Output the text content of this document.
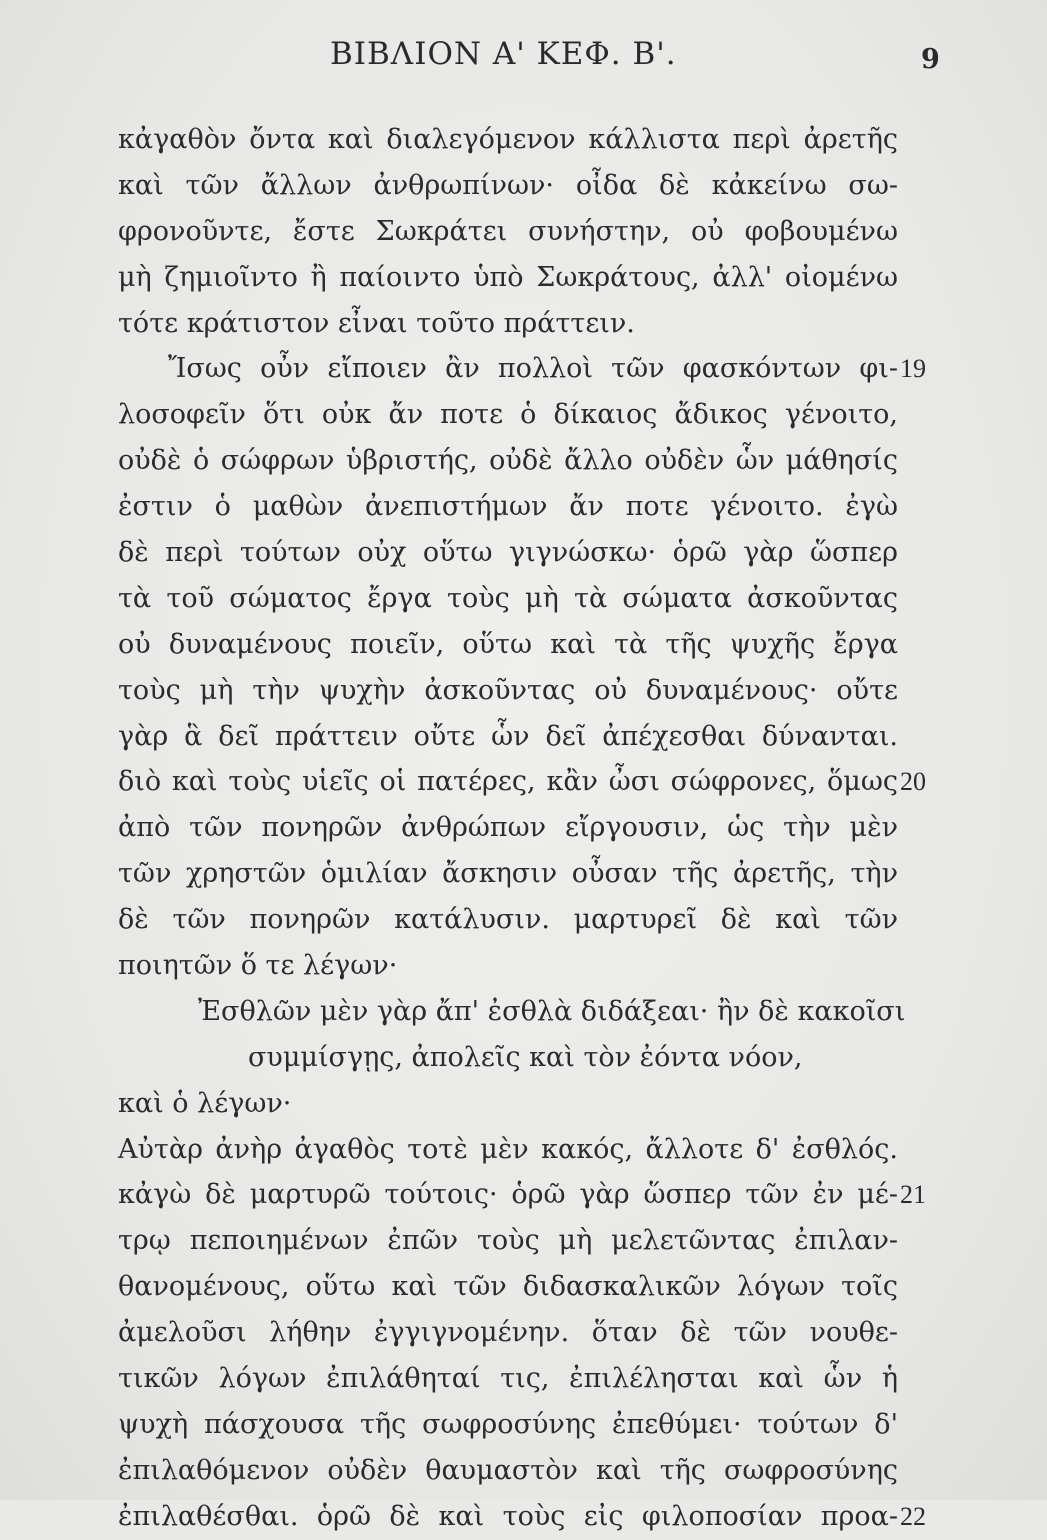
ΒΙΒΛΙΟΝ Α' ΚΕΦ. Β'.	9
κἀγαθὸν ὄντα καὶ διαλεγόμενον κάλλιστα περὶ ἀρετῆς
καὶ τῶν ἄλλων ἀνθρωπίνων· οἶδα δὲ κἀκείνω σω-
φρονοῦντε, ἔστε Σωκράτει συνήστην, οὐ φοβουμένω
μὴ ζημιοῖντο ἢ παίοιντο ὑπὸ Σωκράτους, ἀλλ' οἰομένω
τότε κράτιστον εἶναι τοῦτο πράττειν.
Ἴσως οὖν εἴποιεν ἂν πολλοὶ τῶν φασκόντων φι- 19
λοσοφεῖν ὅτι οὐκ ἄν ποτε ὁ δίκαιος ἄδικος γένοιτο,
οὐδὲ ὁ σώφρων ὑβριστής, οὐδὲ ἄλλο οὐδὲν ὧν μάθησίς
ἐστιν ὁ μαθὼν ἀνεπιστήμων ἄν ποτε γένοιτο. ἐγὼ
δὲ περὶ τούτων οὐχ οὕτω γιγνώσκω· ὁρῶ γὰρ ὥσπερ
τὰ τοῦ σώματος ἔργα τοὺς μὴ τὰ σώματα ἀσκοῦντας
οὐ δυναμένους ποιεῖν, οὕτω καὶ τὰ τῆς ψυχῆς ἔργα
τοὺς μὴ τὴν ψυχὴν ἀσκοῦντας οὐ δυναμένους· οὔτε
γὰρ ἃ δεῖ πράττειν οὔτε ὧν δεῖ ἀπέχεσθαι δύνανται.
διὸ καὶ τοὺς υἱεῖς οἱ πατέρες, κἂν ὦσι σώφρονες, ὅμως 20
ἀπὸ τῶν πονηρῶν ἀνθρώπων εἴργουσιν, ὡς τὴν μὲν
τῶν χρηστῶν ὁμιλίαν ἄσκησιν οὖσαν τῆς ἀρετῆς, τὴν
δὲ τῶν πονηρῶν κατάλυσιν. μαρτυρεῖ δὲ καὶ τῶν
ποιητῶν ὅ τε λέγων·
Ἐσθλῶν μὲν γὰρ ἄπ' ἐσθλὰ διδάξεαι· ἢν δὲ κακοῖσι
συμμίσγῃς, ἀπολεῖς καὶ τὸν ἐόντα νόον,
καὶ ὁ λέγων·
Αὐτὰρ ἀνὴρ ἀγαθὸς τοτὲ μὲν κακός, ἄλλοτε δ' ἐσθλός.
κἀγὼ δὲ μαρτυρῶ τούτοις· ὁρῶ γὰρ ὥσπερ τῶν ἐν μέ- 21
τρῳ πεποιημένων ἐπῶν τοὺς μὴ μελετῶντας ἐπιλαν-
θανομένους, οὕτω καὶ τῶν διδασκαλικῶν λόγων τοῖς
ἀμελοῦσι λήθην ἐγγιγνομένην. ὅταν δὲ τῶν νουθε-
τικῶν λόγων ἐπιλάθηταί τις, ἐπιλέλησται καὶ ὧν ἡ
ψυχὴ πάσχουσα τῆς σωφροσύνης ἐπεθύμει· τούτων δ'
ἐπιλαθόμενον οὐδὲν θαυμαστὸν καὶ τῆς σωφροσύνης
ἐπιλαθέσθαι. ὁρῶ δὲ καὶ τοὺς εἰς φιλοποσίαν προα- 22
